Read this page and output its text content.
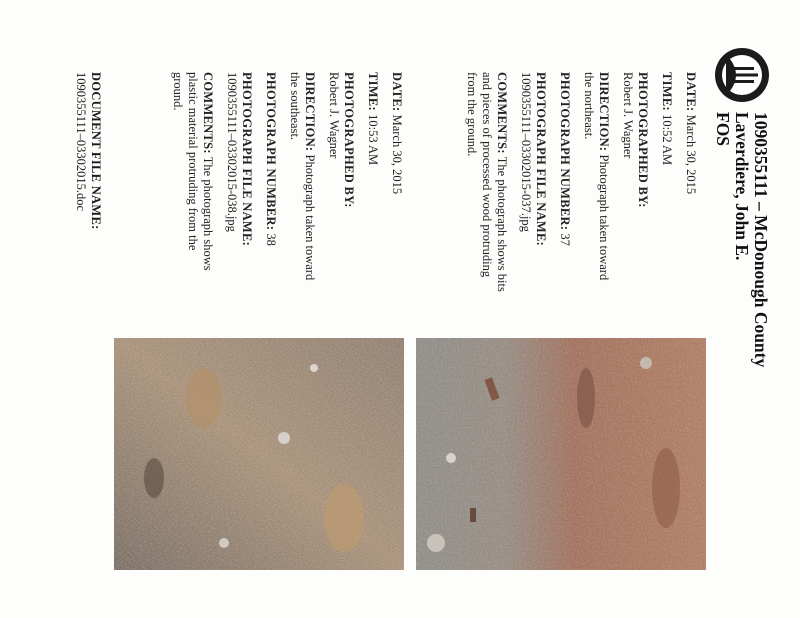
1090355111 – McDonough County
Laverdiere, John E.
FOS
DATE: March 30, 2015
TIME: 10:52 AM
PHOTOGRAPHED BY:
Robert J. Wagner
DIRECTION: Photograph taken toward the northeast.
PHOTOGRAPH NUMBER: 37
PHOTOGRAPH FILE NAME:
1090355111–03302015-037.jpg
COMMENTS: The photograph shows bits and pieces of processed wood protruding from the ground.
DATE: March 30, 2015
TIME: 10:53 AM
PHOTOGRAPHED BY:
Robert J. Wagner
DIRECTION: Photograph taken toward the southeast.
PHOTOGRAPH NUMBER: 38
PHOTOGRAPH FILE NAME:
1090355111–03302015-038.jpg
COMMENTS: The photograph shows plastic material protruding from the ground.
DOCUMENT FILE NAME:
1090355111–03302015.doc
